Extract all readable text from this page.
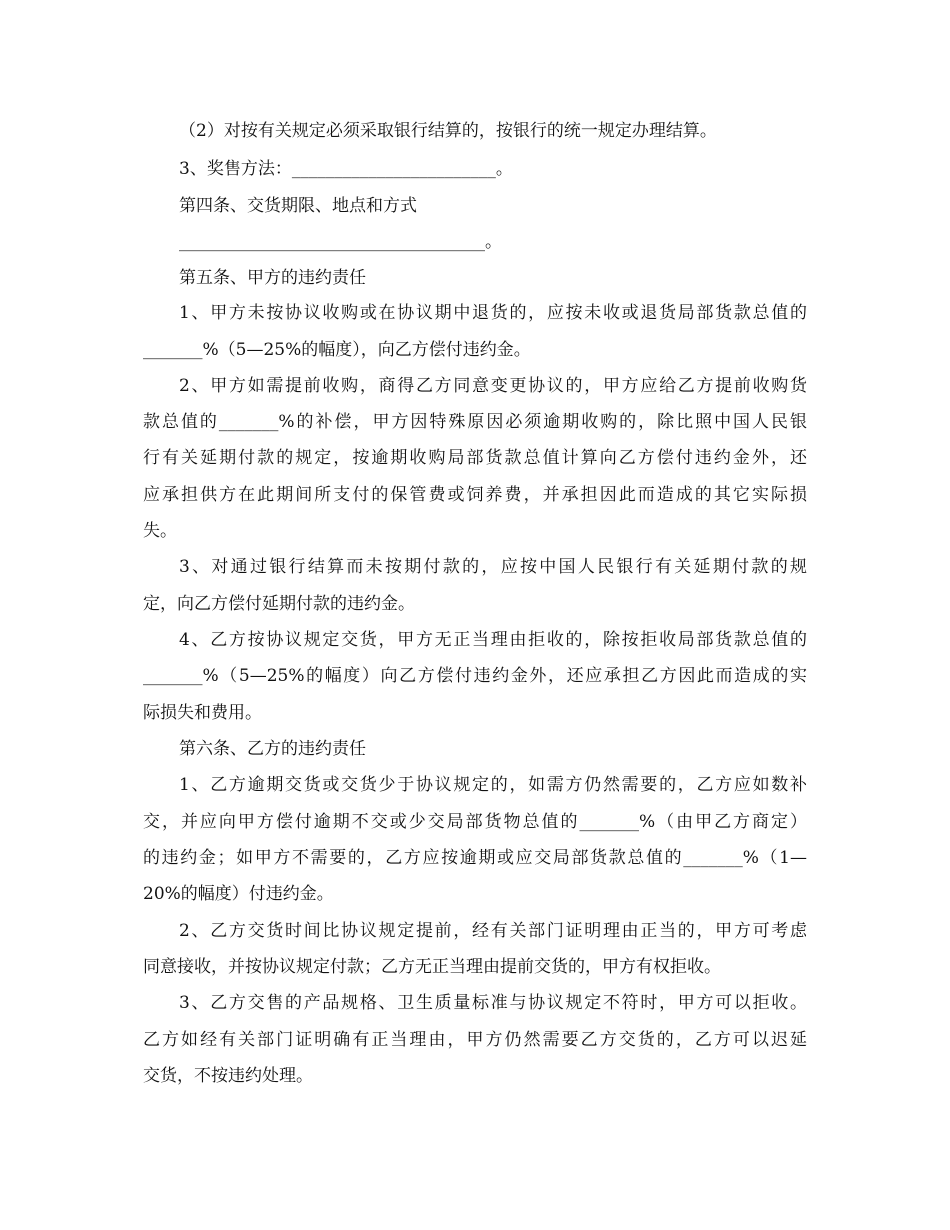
（2）对按有关规定必须采取银行结算的，按银行的统一规定办理结算。
3、奖售方法：________________________。
第四条、交货期限、地点和方式
____________________________________。
第五条、甲方的违约责任
1、甲方未按协议收购或在协议期中退货的，应按未收或退货局部货款总值的
_______%（5—25%的幅度），向乙方偿付违约金。
2、甲方如需提前收购，商得乙方同意变更协议的，甲方应给乙方提前收购货
款总值的_______%的补偿，甲方因特殊原因必须逾期收购的，除比照中国人民银
行有关延期付款的规定，按逾期收购局部货款总值计算向乙方偿付违约金外，还
应承担供方在此期间所支付的保管费或饲养费，并承担因此而造成的其它实际损
失。
3、对通过银行结算而未按期付款的，应按中国人民银行有关延期付款的规
定，向乙方偿付延期付款的违约金。
4、乙方按协议规定交货，甲方无正当理由拒收的，除按拒收局部货款总值的
_______%（5—25%的幅度）向乙方偿付违约金外，还应承担乙方因此而造成的实
际损失和费用。
第六条、乙方的违约责任
1、乙方逾期交货或交货少于协议规定的，如需方仍然需要的，乙方应如数补
交，并应向甲方偿付逾期不交或少交局部货物总值的_______%（由甲乙方商定）
的违约金；如甲方不需要的，乙方应按逾期或应交局部货款总值的_______%（1—
20%的幅度）付违约金。
2、乙方交货时间比协议规定提前，经有关部门证明理由正当的，甲方可考虑
同意接收，并按协议规定付款；乙方无正当理由提前交货的，甲方有权拒收。
3、乙方交售的产品规格、卫生质量标准与协议规定不符时，甲方可以拒收。
乙方如经有关部门证明确有正当理由，甲方仍然需要乙方交货的，乙方可以迟延
交货，不按违约处理。
